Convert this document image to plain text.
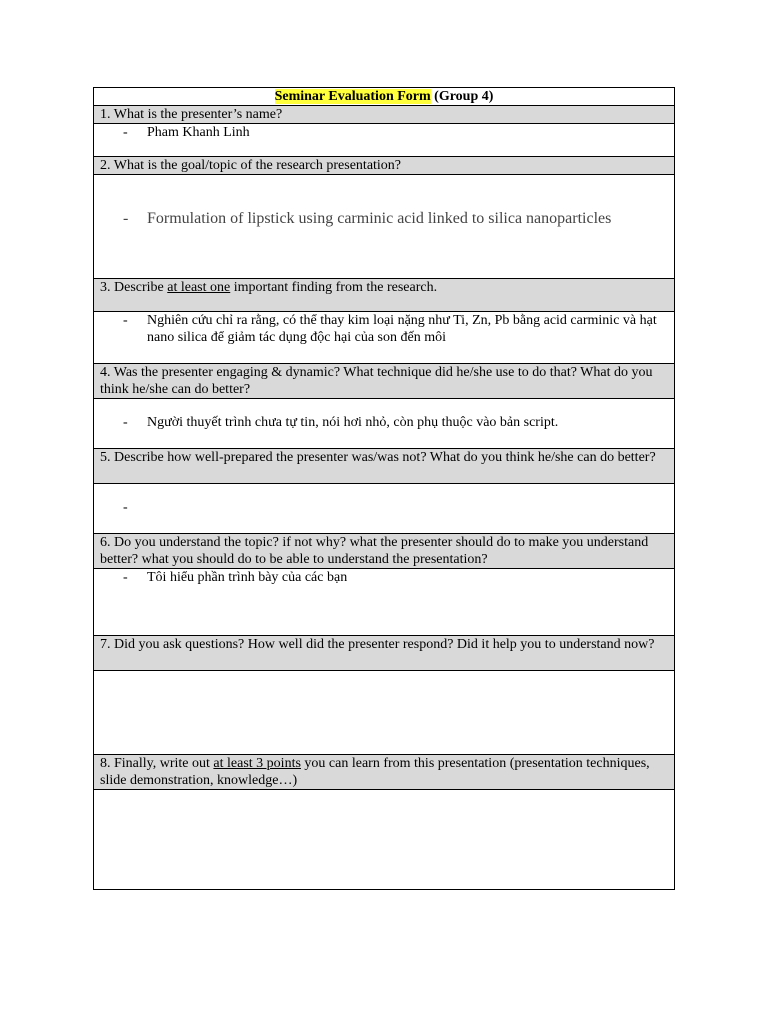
Seminar Evaluation Form (Group 4)
1. What is the presenter’s name?
- Pham Khanh Linh
2. What is the goal/topic of the research presentation?
- Formulation of lipstick using carminic acid linked to silica nanoparticles
3. Describe at least one important finding from the research.
- Nghiên cứu chỉ ra rằng, có thể thay kim loại nặng như Ti, Zn, Pb bằng acid carminic và hạt nano silica để giảm tác dụng độc hại của son đến môi
4. Was the presenter engaging & dynamic? What technique did he/she use to do that? What do you think he/she can do better?
- Người thuyết trình chưa tự tin, nói hơi nhỏ, còn phụ thuộc vào bản script.
5. Describe how well-prepared the presenter was/was not? What do you think he/she can do better?
-
6. Do you understand the topic? if not why? what the presenter should do to make you understand better? what you should do to be able to understand the presentation?
- Tôi hiểu phần trình bày của các bạn
7. Did you ask questions? How well did the presenter respond? Did it help you to understand now?
8. Finally, write out at least 3 points you can learn from this presentation (presentation techniques, slide demonstration, knowledge…)
